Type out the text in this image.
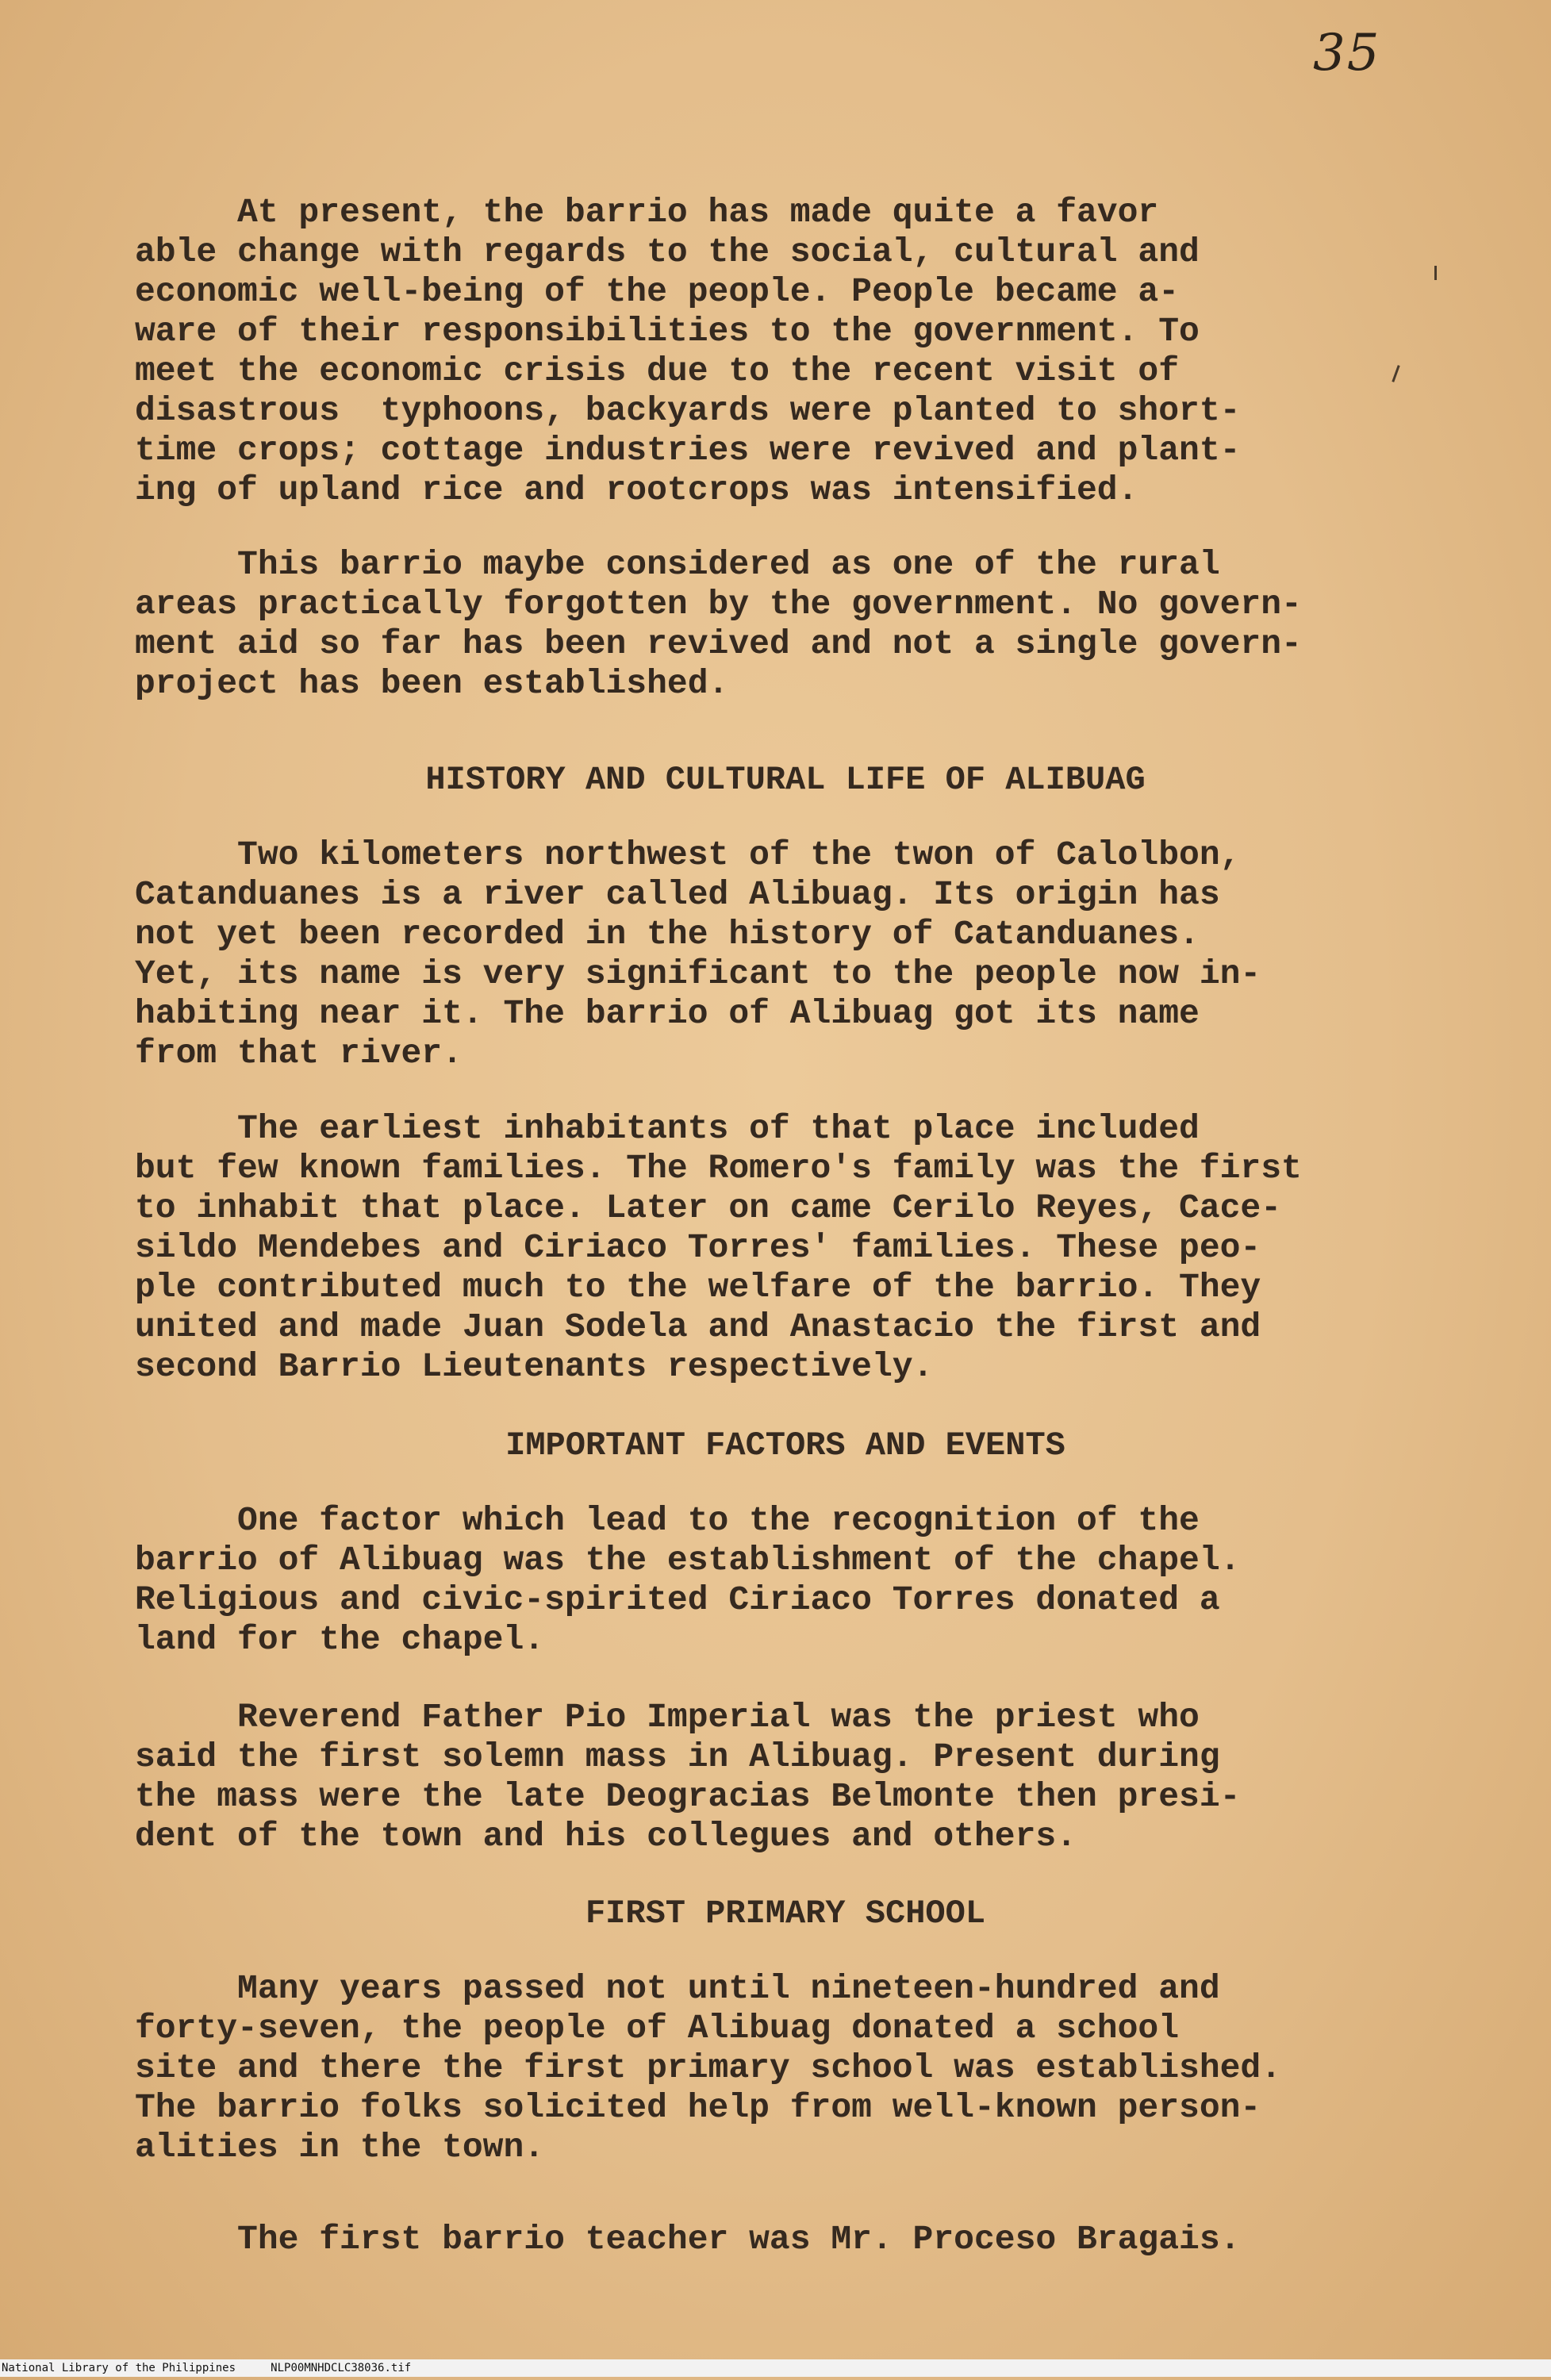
35

At present, the barrio has made quite a favor
able change with regards to the social, cultural and
economic well-being of the people. People became a-
ware of their responsibilities to the government. To
meet the economic crisis due to the recent visit of
disastrous  typhoons, backyards were planted to short-
time crops; cottage industries were revived and plant-
ing of upland rice and rootcrops was intensified.

This barrio maybe considered as one of the rural
areas practically forgotten by the government. No govern-
ment aid so far has been revived and not a single govern-
project has been established.

HISTORY AND CULTURAL LIFE OF ALIBUAG

Two kilometers northwest of the twon of Calolbon,
Catanduanes is a river called Alibuag. Its origin has
not yet been recorded in the history of Catanduanes.
Yet, its name is very significant to the people now in-
habiting near it. The barrio of Alibuag got its name
from that river.

The earliest inhabitants of that place included
but few known families. The Romero's family was the first
to inhabit that place. Later on came Cerilo Reyes, Cace-
sildo Mendebes and Ciriaco Torres' families. These peo-
ple contributed much to the welfare of the barrio. They
united and made Juan Sodela and Anastacio the first and
second Barrio Lieutenants respectively.

IMPORTANT FACTORS AND EVENTS

One factor which lead to the recognition of the
barrio of Alibuag was the establishment of the chapel.
Religious and civic-spirited Ciriaco Torres donated a
land for the chapel.

Reverend Father Pio Imperial was the priest who
said the first solemn mass in Alibuag. Present during
the mass were the late Deogracias Belmonte then presi-
dent of the town and his collegues and others.

FIRST PRIMARY SCHOOL

Many years passed not until nineteen-hundred and
forty-seven, the people of Alibuag donated a school
site and there the first primary school was established.
The barrio folks solicited help from well-known person-
alities in the town.

The first barrio teacher was Mr. Proceso Bragais.

National Library of the Philippines	NLP00MNHDCLC38036.tif
